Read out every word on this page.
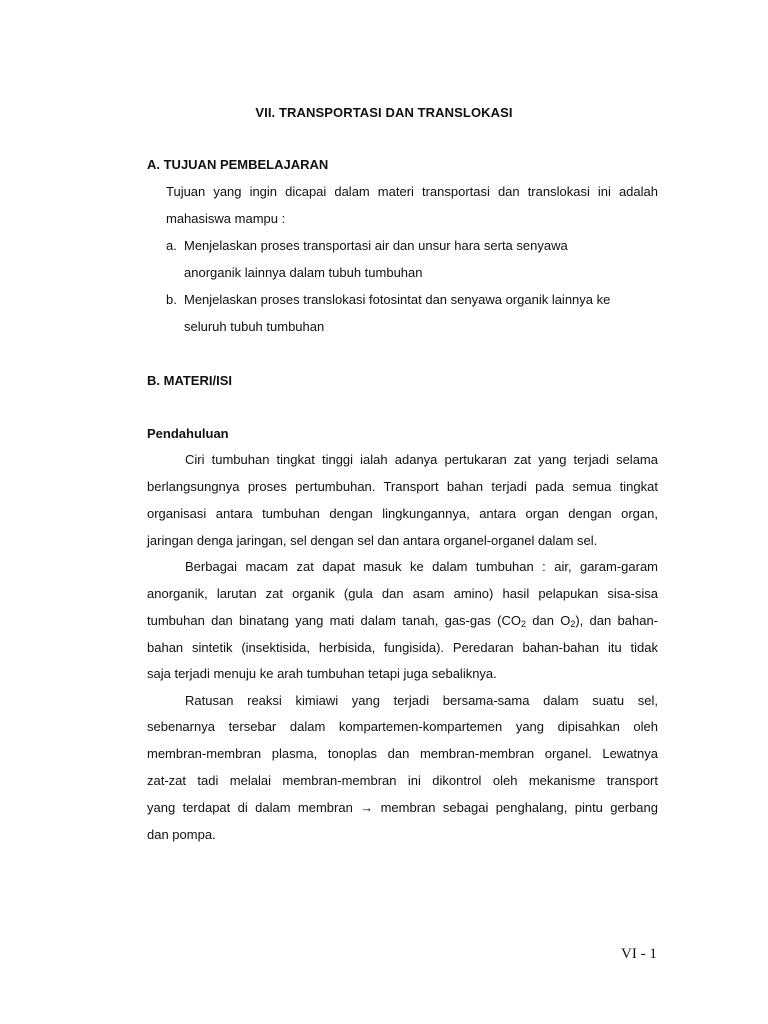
VII. TRANSPORTASI DAN TRANSLOKASI
A. TUJUAN PEMBELAJARAN
Tujuan yang ingin dicapai dalam materi transportasi dan translokasi ini adalah
mahasiswa mampu :
a. Menjelaskan proses transportasi air dan unsur hara serta senyawa
anorganik lainnya dalam tubuh tumbuhan
b. Menjelaskan proses translokasi fotosintat dan senyawa organik lainnya ke
seluruh tubuh tumbuhan
B. MATERI/ISI
Pendahuluan
Ciri tumbuhan tingkat tinggi ialah adanya pertukaran zat yang terjadi selama
berlangsungnya proses pertumbuhan. Transport bahan terjadi pada semua tingkat
organisasi antara tumbuhan dengan lingkungannya, antara organ dengan organ,
jaringan denga jaringan, sel dengan sel dan antara organel-organel dalam sel.
Berbagai macam zat dapat masuk ke dalam tumbuhan : air, garam-garam
anorganik, larutan zat organik (gula dan asam amino) hasil pelapukan sisa-sisa
tumbuhan dan binatang yang mati dalam tanah, gas-gas ($CO_2$ dan $O_2$), dan bahan-
bahan sintetik (insektisida, herbisida, fungisida). Peredaran bahan-bahan itu tidak
saja terjadi menuju ke arah tumbuhan tetapi juga sebaliknya.
Ratusan reaksi kimiawi yang terjadi bersama-sama dalam suatu sel,
sebenarnya tersebar dalam kompartemen-kompartemen yang dipisahkan oleh
membran-membran plasma, tonoplas dan membran-membran organel. Lewatnya
zat-zat tadi melalai membran-membran ini dikontrol oleh mekanisme transport
yang terdapat di dalam membran → membran sebagai penghalang, pintu gerbang
dan pompa.
VI - 1
